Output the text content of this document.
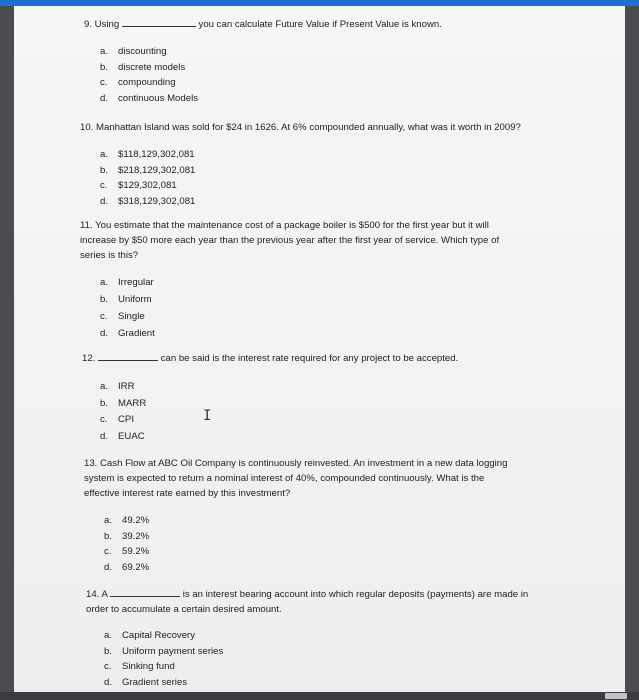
9. Using	you can calculate Future Value if Present Value is known.
a. discounting
b. discrete models
c. compounding
d. continuous Models
10. Manhattan Island was sold for $24 in 1626. At 6% compounded annually, what was it worth in 2009?
a. $118,129,302,081
b. $218,129,302,081
c. $129,302,081
d. $318,129,302,081
11. You estimate that the maintenance cost of a package boiler is $500 for the first year but it will
increase by $50 more each year than the previous year after the first year of service. Which type of
series is this?
a. Irregular
b. Uniform
c. Single
d. Gradient
12.	can be said is the interest rate required for any project to be accepted.
a. IRR
b. MARR
c. CPI
d. EUAC
I
13. Cash Flow at ABC Oil Company is continuously reinvested. An investment in a new data logging
system is expected to return a nominal interest of 40%, compounded continuously. What is the
effective interest rate earned by this investment?
a. 49.2%
b. 39.2%
c. 59.2%
d. 69.2%
14. A	is an interest bearing account into which regular deposits (payments) are made in
order to accumulate a certain desired amount.
a. Capital Recovery
b. Uniform payment series
c. Sinking fund
d. Gradient series
